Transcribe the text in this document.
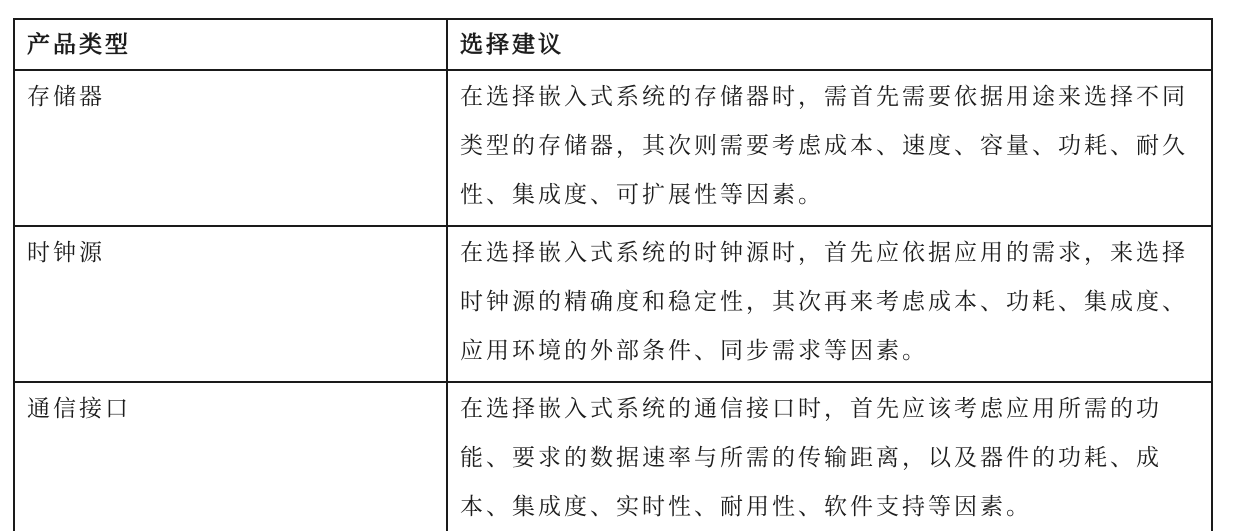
产品类型	选择建议
存储器	在选择嵌入式系统的存储器时，需首先需要依据用途来选择不同类型的存储器，其次则需要考虑成本、速度、容量、功耗、耐久性、集成度、可扩展性等因素。
时钟源	在选择嵌入式系统的时钟源时，首先应依据应用的需求，来选择时钟源的精确度和稳定性，其次再来考虑成本、功耗、集成度、应用环境的外部条件、同步需求等因素。
通信接口	在选择嵌入式系统的通信接口时，首先应该考虑应用所需的功能、要求的数据速率与所需的传输距离，以及器件的功耗、成本、集成度、实时性、耐用性、软件支持等因素。
